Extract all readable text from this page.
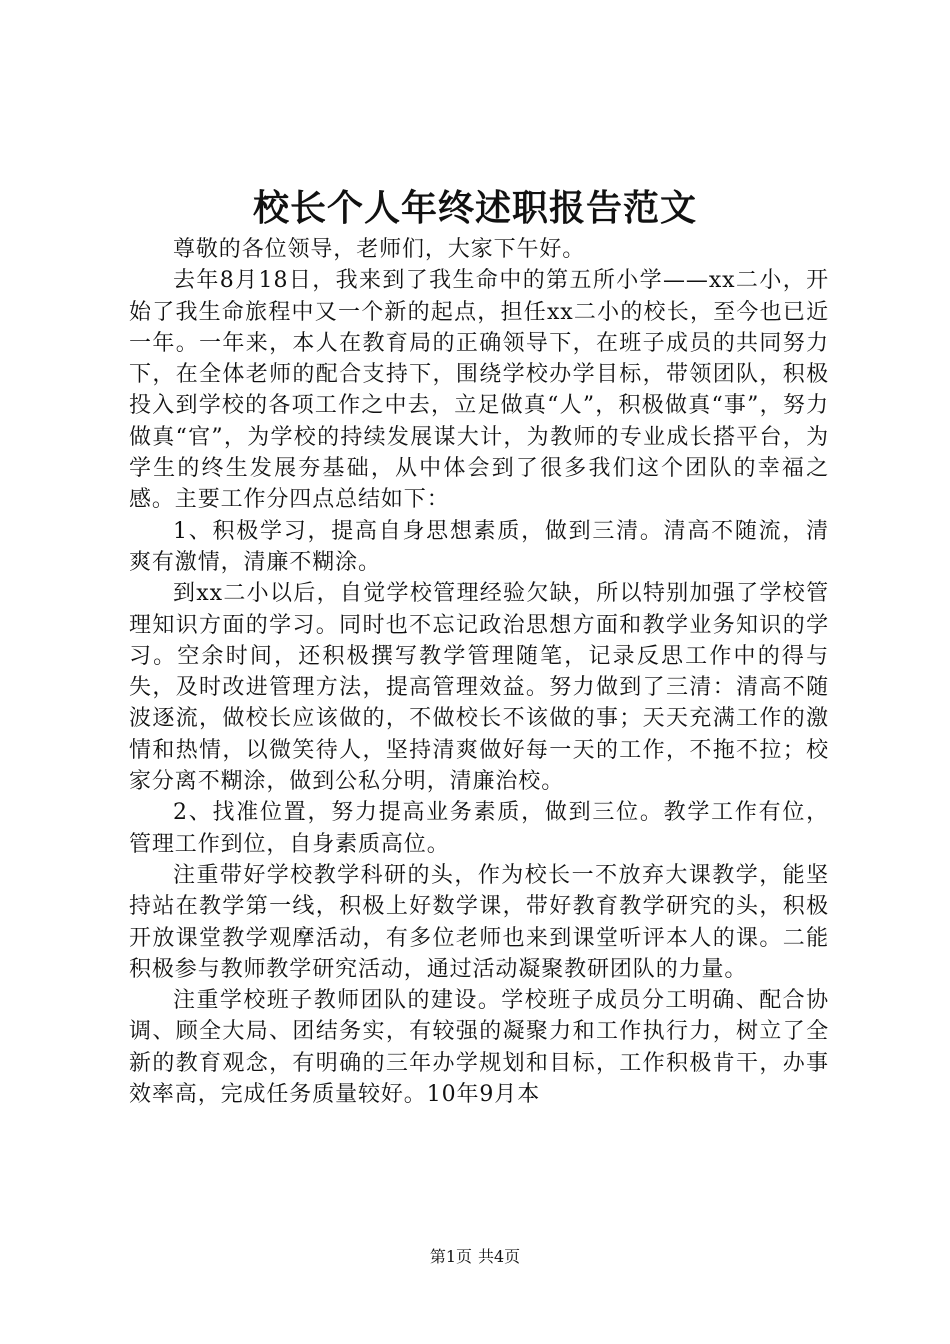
校长个人年终述职报告范文

尊敬的各位领导，老师们，大家下午好。

去年8月18日，我来到了我生命中的第五所小学——xx二小，开始了我生命旅程中又一个新的起点，担任xx二小的校长，至今也已近一年。一年来，本人在教育局的正确领导下，在班子成员的共同努力下，在全体老师的配合支持下，围绕学校办学目标，带领团队，积极投入到学校的各项工作之中去，立足做真“人”，积极做真“事”，努力做真“官”，为学校的持续发展谋大计，为教师的专业成长搭平台，为学生的终生发展夯基础，从中体会到了很多我们这个团队的幸福之感。主要工作分四点总结如下：

1、积极学习，提高自身思想素质，做到三清。清高不随流，清爽有激情，清廉不糊涂。

到xx二小以后，自觉学校管理经验欠缺，所以特别加强了学校管理知识方面的学习。同时也不忘记政治思想方面和教学业务知识的学习。空余时间，还积极撰写教学管理随笔，记录反思工作中的得与失，及时改进管理方法，提高管理效益。努力做到了三清：清高不随波逐流，做校长应该做的，不做校长不该做的事；天天充满工作的激情和热情，以微笑待人，坚持清爽做好每一天的工作，不拖不拉；校家分离不糊涂，做到公私分明，清廉治校。

2、找准位置，努力提高业务素质，做到三位。教学工作有位，管理工作到位，自身素质高位。

注重带好学校教学科研的头，作为校长一不放弃大课教学，能坚持站在教学第一线，积极上好数学课，带好教育教学研究的头，积极开放课堂教学观摩活动，有多位老师也来到课堂听评本人的课。二能积极参与教师教学研究活动，通过活动凝聚教研团队的力量。

注重学校班子教师团队的建设。学校班子成员分工明确、配合协调、顾全大局、团结务实，有较强的凝聚力和工作执行力，树立了全新的教育观念，有明确的三年办学规划和目标，工作积极肯干，办事效率高，完成任务质量较好。10年9月本

第1页 共4页
